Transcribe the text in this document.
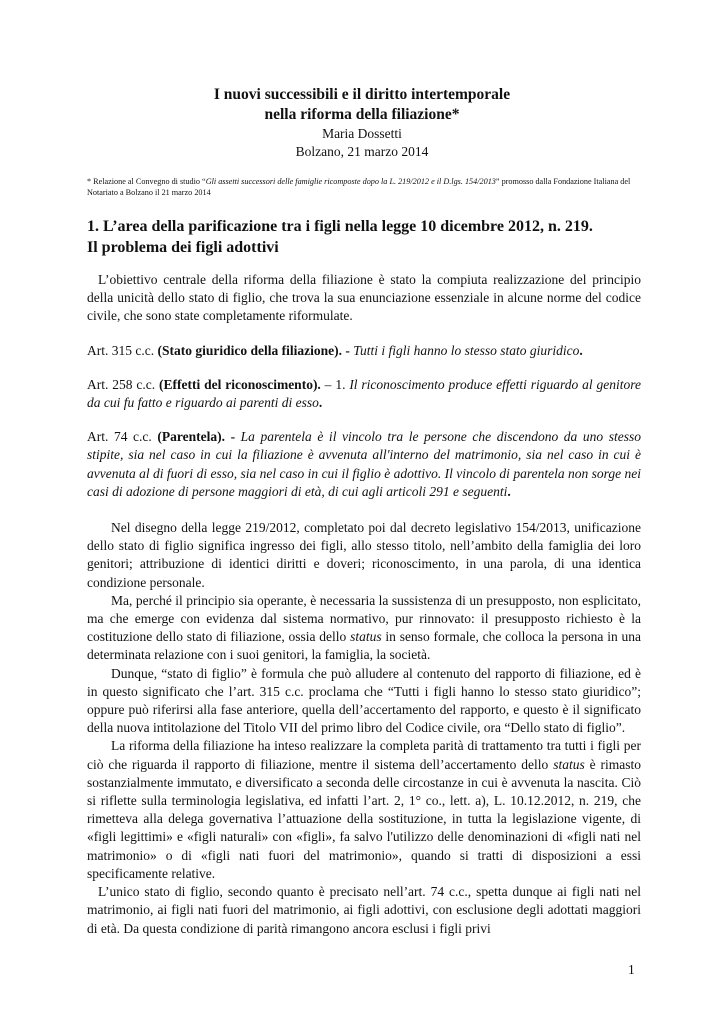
I nuovi successibili e il diritto intertemporale
nella riforma della filiazione*
Maria Dossetti
Bolzano, 21 marzo 2014
* Relazione al Convegno di studio “Gli assetti successori delle famiglie ricomposte dopo la L. 219/2012 e il D.lgs. 154/2013” promosso dalla Fondazione Italiana del Notariato a Bolzano il 21 marzo 2014
1. L’area della parificazione tra i figli nella legge 10 dicembre 2012, n. 219.
Il problema dei figli adottivi

L’obiettivo centrale della riforma della filiazione è stato la compiuta realizzazione del principio della unicità dello stato di figlio, che trova la sua enunciazione essenziale in alcune norme del codice civile, che sono state completamente riformulate.

Art. 315 c.c. (Stato giuridico della filiazione). - Tutti i figli hanno lo stesso stato giuridico.

Art. 258 c.c. (Effetti del riconoscimento). – 1. Il riconoscimento produce effetti riguardo al genitore da cui fu fatto e riguardo ai parenti di esso.

Art. 74 c.c. (Parentela). - La parentela è il vincolo tra le persone che discendono da uno stesso stipite, sia nel caso in cui la filiazione è avvenuta all'interno del matrimonio, sia nel caso in cui è avvenuta al di fuori di esso, sia nel caso in cui il figlio è adottivo. Il vincolo di parentela non sorge nei casi di adozione di persone maggiori di età, di cui agli articoli 291 e seguenti.

Nel disegno della legge 219/2012, completato poi dal decreto legislativo 154/2013, unificazione dello stato di figlio significa ingresso dei figli, allo stesso titolo, nell’ambito della famiglia dei loro genitori; attribuzione di identici diritti e doveri; riconoscimento, in una parola, di una identica condizione personale.

Ma, perché il principio sia operante, è necessaria la sussistenza di un presupposto, non esplicitato, ma che emerge con evidenza dal sistema normativo, pur rinnovato: il presupposto richiesto è la costituzione dello stato di filiazione, ossia dello status in senso formale, che colloca la persona in una determinata relazione con i suoi genitori, la famiglia, la società.

Dunque, “stato di figlio” è formula che può alludere al contenuto del rapporto di filiazione, ed è in questo significato che l’art. 315 c.c. proclama che “Tutti i figli hanno lo stesso stato giuridico”; oppure può riferirsi alla fase anteriore, quella dell’accertamento del rapporto, e questo è il significato della nuova intitolazione del Titolo VII del primo libro del Codice civile, ora “Dello stato di figlio”.

La riforma della filiazione ha inteso realizzare la completa parità di trattamento tra tutti i figli per ciò che riguarda il rapporto di filiazione, mentre il sistema dell’accertamento dello status è rimasto sostanzialmente immutato, e diversificato a seconda delle circostanze in cui è avvenuta la nascita. Ciò si riflette sulla terminologia legislativa, ed infatti l’art. 2, 1° co., lett. a), L. 10.12.2012, n. 219, che rimetteva alla delega governativa l’attuazione della sostituzione, in tutta la legislazione vigente, di «figli legittimi» e «figli naturali» con «figli», fa salvo l'utilizzo delle denominazioni di «figli nati nel matrimonio» o di «figli nati fuori del matrimonio», quando si tratti di disposizioni a essi specificamente relative.

L’unico stato di figlio, secondo quanto è precisato nell’art. 74 c.c., spetta dunque ai figli nati nel matrimonio, ai figli nati fuori del matrimonio, ai figli adottivi, con esclusione degli adottati maggiori di età. Da questa condizione di parità rimangono ancora esclusi i figli privi

1
